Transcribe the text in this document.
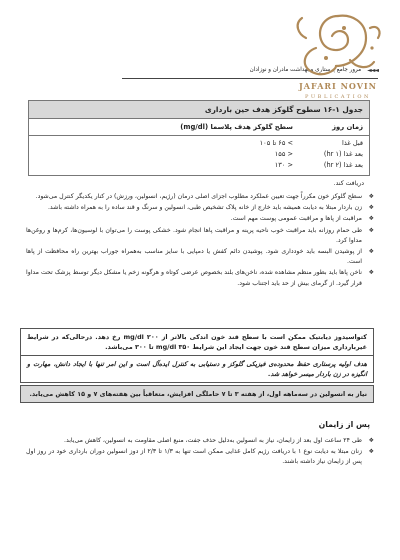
◄◄◄
مرور جامع پرستاری و بهداشت مادران و نوزادان
JAFARI NOVIN
PUBLICATION
جدول ۱-۱۶ سطوح گلوکز هدف حین بارداری
زمان روز
سطح گلوکز هدف پلاسما (mg/dl)
قبل غذا
> ۶۵ تا ۱۰۵
بعد غذا (۱ hr)
< ۱۵۵
بعد غذا (۲ hr)
< ۱۳۰
دریافت کند.
❖
سطح گلوکز خون مکرراً جهت تعیین عملکرد مطلوب اجزای اصلی درمان (رژیم، انسولین، ورزش) در کنار یکدیگر کنترل می‌شود.
❖
زن باردار مبتلا به دیابت همیشه باید خارج از خانه پلاک تشخیص طبی، انسولین و سرنگ و قند ساده را به همراه داشته باشد.
❖
مراقبت از پاها و مراقبت عمومی پوست مهم است.
❖
طی حمام روزانه باید مراقبت خوب ناحیه پرینه و مراقبت پاها انجام شود. خشکی پوست را می‌توان با لوسیون‌ها، کرم‌ها و روغن‌ها مداوا کرد.
❖
از پوشیدن البسه باید خودداری شود. پوشیدن دائم کفش یا دمپایی با سایز مناسب به‌همراه جوراب بهترین راه محافظت از پاها است.
❖
ناخن پاها باید بطور منظم مشاهده شده، ناخن‌های بلند بخصوص عرضی کوتاه و هرگونه زخم یا مشکل دیگر توسط پزشک تحت مداوا قرار گیرد. از گرمای بیش از حد باید اجتناب شود.
کتواسیدوز دیابتیک ممکن است با سطح قند خون اندکی بالاتر از mg/dl ۲۰۰ رخ دهد. درحالی‌که در شرایط غیربارداری میزان سطح قند خون جهت ایجاد این شرایط mg/dl ۳۵۰ تا ۳۰۰ می‌باشد.
هدف اولیه پرستاری حفظ محدوده‌ی فیزیکی گلوکز و دستیابی به کنترل ایده‌آل است و این امر تنها با ایجاد دانش، مهارت و انگیزه در زن باردار میسر خواهد شد.
نیاز به انسولین در سه‌ماهه اول، از هفته ۳ تا ۷ حاملگی افزایش، متعاقباً بین هفته‌های ۷ و ۱۵ کاهش می‌یابد.
پس از زایمان
❖
طی ۲۴ ساعت اول بعد از زایمان، نیاز به انسولین به‌دلیل حذف جفت، منبع اصلی مقاومت به انسولین، کاهش می‌یابد.
❖
زنان مبتلا به دیابت نوع ۱ با دریافت رژیم کامل غذایی ممکن است تنها به ۱/۳ تا ۲/۳ از دوز انسولین دوران بارداری خود در روز اول پس از زایمان نیاز داشته باشند.
